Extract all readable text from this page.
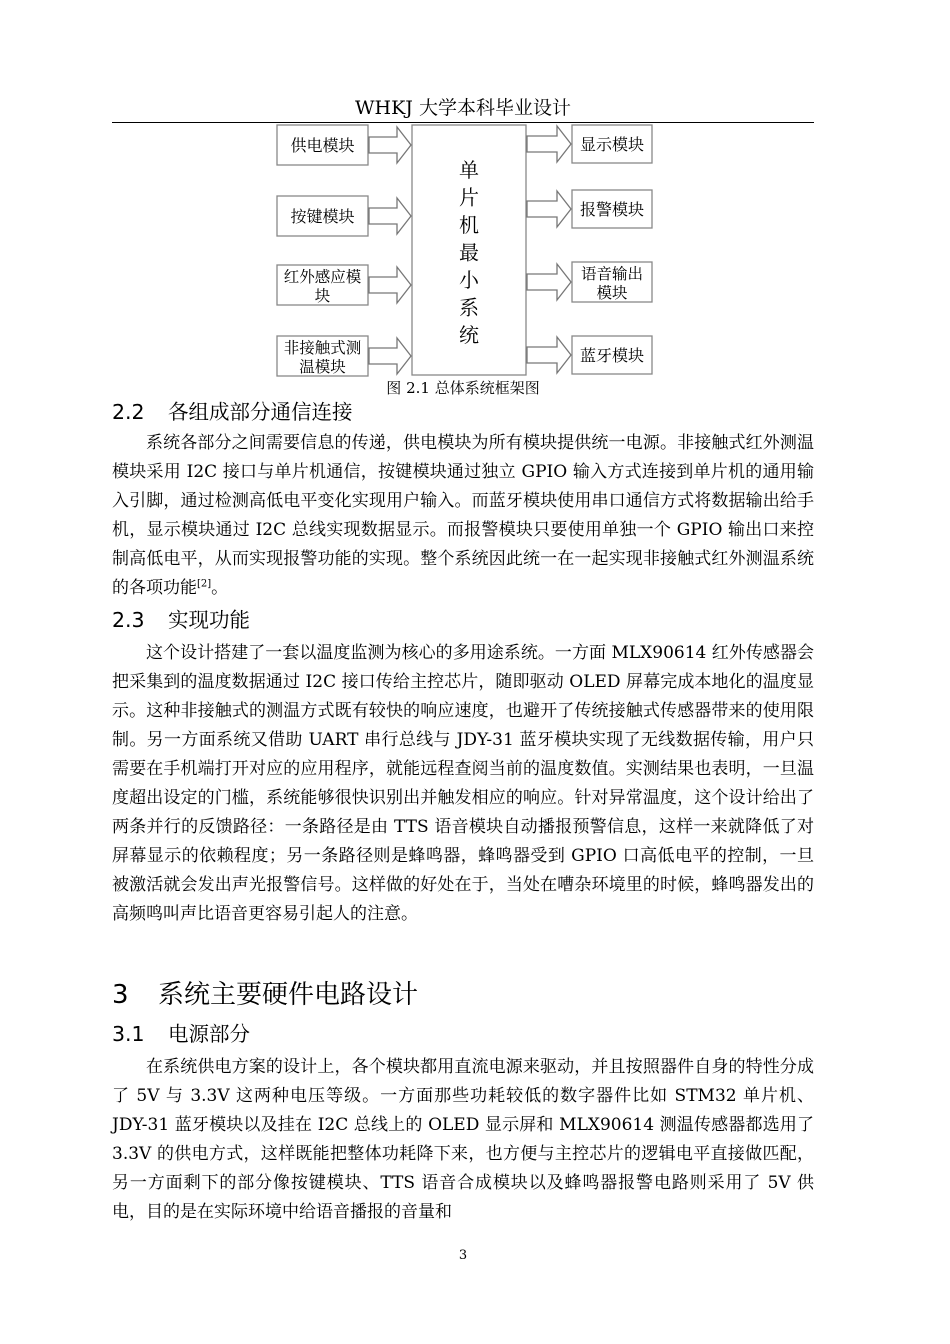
WHKJ 大学本科毕业设计
单
片
机
最
小
系
统
供电模块
按键模块
红外感应模
块
非接触式测
温模块
显示模块
报警模块
语音输出
模块
蓝牙模块
图 2.1 总体系统框架图
2.2 各组成部分通信连接

系统各部分之间需要信息的传递，供电模块为所有模块提供统一电源。非接触式红外测温模块采用 I2C 接口与单片机通信，按键模块通过独立 GPIO 输入方式连接到单片机的通用输入引脚，通过检测高低电平变化实现用户输入。而蓝牙模块使用串口通信方式将数据输出给手机，显示模块通过 I2C 总线实现数据显示。而报警模块只要使用单独一个 GPIO 输出口来控制高低电平，从而实现报警功能的实现。整个系统因此统一在一起实现非接触式红外测温系统的各项功能[2]。

2.3 实现功能

这个设计搭建了一套以温度监测为核心的多用途系统。一方面 MLX90614 红外传感器会把采集到的温度数据通过 I2C 接口传给主控芯片，随即驱动 OLED 屏幕完成本地化的温度显示。这种非接触式的测温方式既有较快的响应速度，也避开了传统接触式传感器带来的使用限制。另一方面系统又借助 UART 串行总线与 JDY-31 蓝牙模块实现了无线数据传输，用户只需要在手机端打开对应的应用程序，就能远程查阅当前的温度数值。实测结果也表明，一旦温度超出设定的门槛，系统能够很快识别出并触发相应的响应。针对异常温度，这个设计给出了两条并行的反馈路径：一条路径是由 TTS 语音模块自动播报预警信息，这样一来就降低了对屏幕显示的依赖程度；另一条路径则是蜂鸣器，蜂鸣器受到 GPIO 口高低电平的控制，一旦被激活就会发出声光报警信号。这样做的好处在于，当处在嘈杂环境里的时候，蜂鸣器发出的高频鸣叫声比语音更容易引起人的注意。

3 系统主要硬件电路设计
3.1 电源部分

在系统供电方案的设计上，各个模块都用直流电源来驱动，并且按照器件自身的特性分成了 5V 与 3.3V 这两种电压等级。一方面那些功耗较低的数字器件比如 STM32 单片机、JDY-31 蓝牙模块以及挂在 I2C 总线上的 OLED 显示屏和 MLX90614 测温传感器都选用了 3.3V 的供电方式，这样既能把整体功耗降下来，也方便与主控芯片的逻辑电平直接做匹配，另一方面剩下的部分像按键模块、TTS 语音合成模块以及蜂鸣器报警电路则采用了 5V 供电，目的是在实际环境中给语音播报的音量和

3
